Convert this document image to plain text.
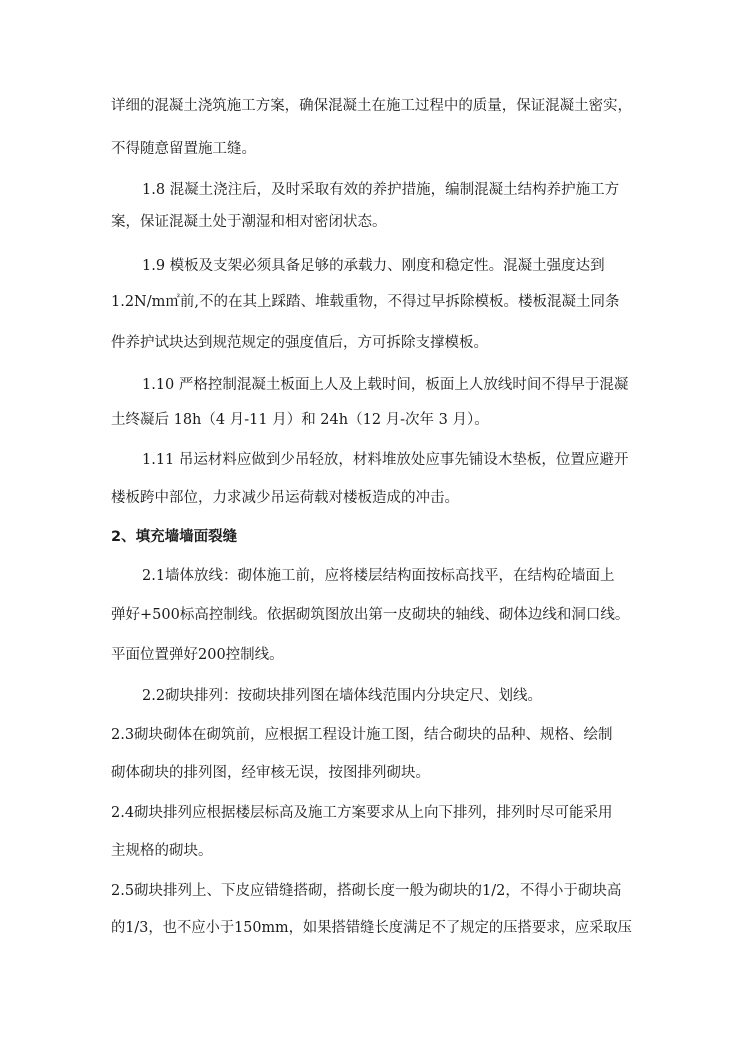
详细的混凝土浇筑施工方案，确保混凝土在施工过程中的质量，保证混凝土密实，
不得随意留置施工缝。
1.8 混凝土浇注后，及时采取有效的养护措施，编制混凝土结构养护施工方
案，保证混凝土处于潮湿和相对密闭状态。
1.9 模板及支架必须具备足够的承载力、刚度和稳定性。混凝土强度达到
1.2N/m㎡前,不的在其上踩踏、堆载重物，不得过早拆除模板。楼板混凝土同条
件养护试块达到规范规定的强度值后，方可拆除支撑模板。
1.10 严格控制混凝土板面上人及上载时间，板面上人放线时间不得早于混凝
土终凝后 18h（4 月-11 月）和 24h（12 月-次年 3 月）。
1.11 吊运材料应做到少吊轻放，材料堆放处应事先铺设木垫板，位置应避开
楼板跨中部位，力求减少吊运荷载对楼板造成的冲击。
2、填充墙墙面裂缝
2.1墙体放线：砌体施工前，应将楼层结构面按标高找平，在结构砼墙面上
弹好+500标高控制线。依据砌筑图放出第一皮砌块的轴线、砌体边线和洞口线。
平面位置弹好200控制线。
2.2砌块排列：按砌块排列图在墙体线范围内分块定尺、划线。
2.3砌块砌体在砌筑前，应根据工程设计施工图，结合砌块的品种、规格、绘制
砌体砌块的排列图，经审核无误，按图排列砌块。
2.4砌块排列应根据楼层标高及施工方案要求从上向下排列，排列时尽可能采用
主规格的砌块。
2.5砌块排列上、下皮应错缝搭砌，搭砌长度一般为砌块的1/2，不得小于砌块高
的1/3，也不应小于150mm，如果搭错缝长度满足不了规定的压搭要求，应采取压
